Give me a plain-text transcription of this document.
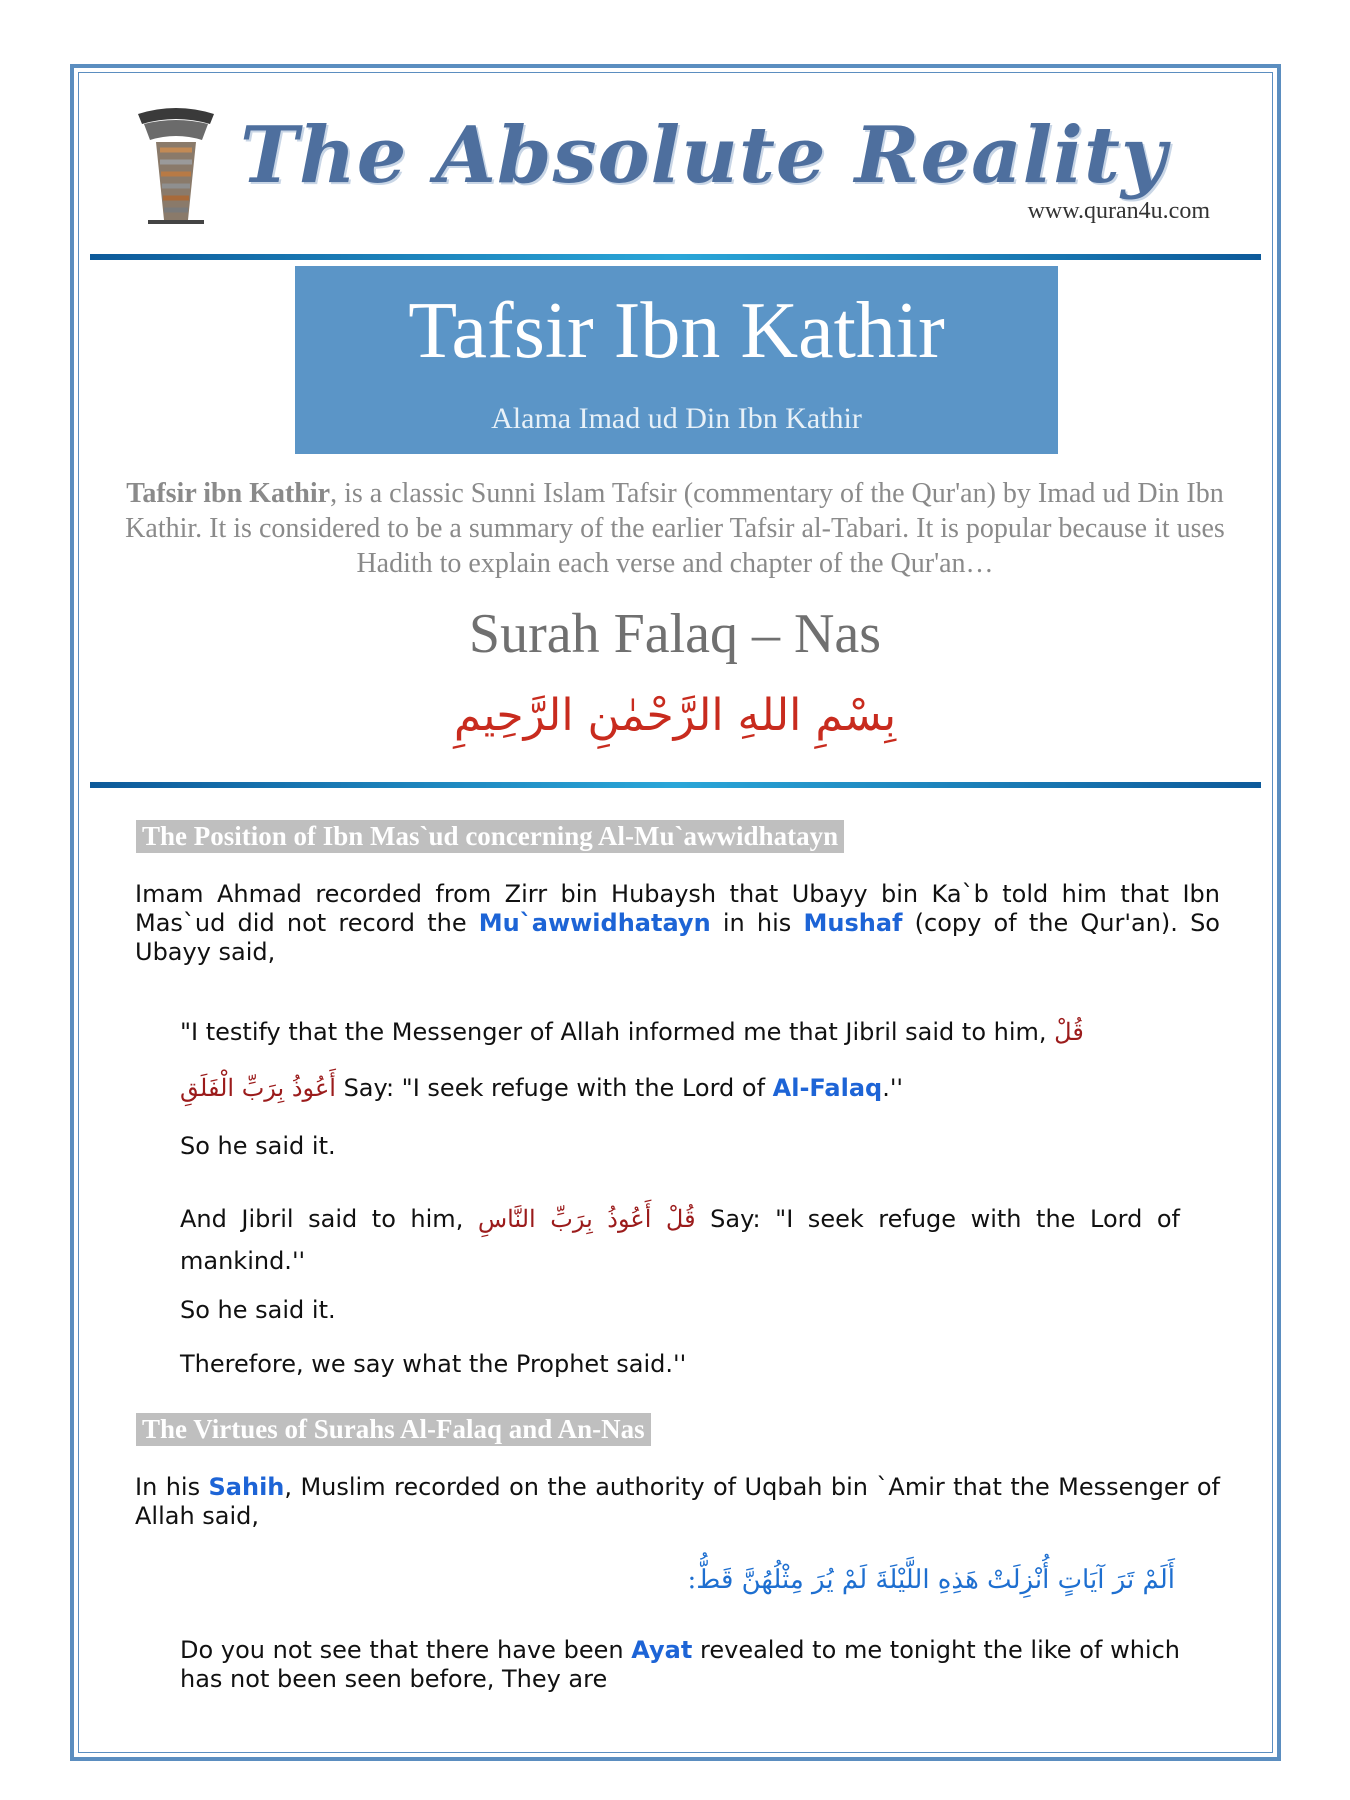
The Absolute Reality
www.quran4u.com
Tafsir Ibn Kathir
Alama Imad ud Din Ibn Kathir
Tafsir ibn Kathir, is a classic Sunni Islam Tafsir (commentary of the Qur'an) by Imad ud Din Ibn Kathir. It is considered to be a summary of the earlier Tafsir al-Tabari. It is popular because it uses Hadith to explain each verse and chapter of the Qur'an…
Surah Falaq – Nas
بِسْمِ اللهِ الرَّحْمٰنِ الرَّحِيمِ
The Position of Ibn Mas`ud concerning Al-Mu`awwidhatayn
Imam Ahmad recorded from Zirr bin Hubaysh that Ubayy bin Ka`b told him that Ibn Mas`ud did not record the Mu`awwidhatayn in his Mushaf (copy of the Qur'an). So Ubayy said,
"I testify that the Messenger of Allah informed me that Jibril said to him, قُلْ
أَعُوذُ بِرَبِّ الْفَلَقِ Say: "I seek refuge with the Lord of Al-Falaq.''
So he said it.
And Jibril said to him, قُلْ أَعُوذُ بِرَبِّ النَّاسِ Say: "I seek refuge with the Lord of mankind.''
So he said it.
Therefore, we say what the Prophet said.''
The Virtues of Surahs Al-Falaq and An-Nas
In his Sahih, Muslim recorded on the authority of Uqbah bin `Amir that the Messenger of Allah said,
أَلَمْ تَرَ آيَاتٍ أُنْزِلَتْ هَذِهِ اللَّيْلَةَ لَمْ يُرَ مِثْلُهُنَّ قَطُّ:
Do you not see that there have been Ayat revealed to me tonight the like of which has not been seen before, They are
